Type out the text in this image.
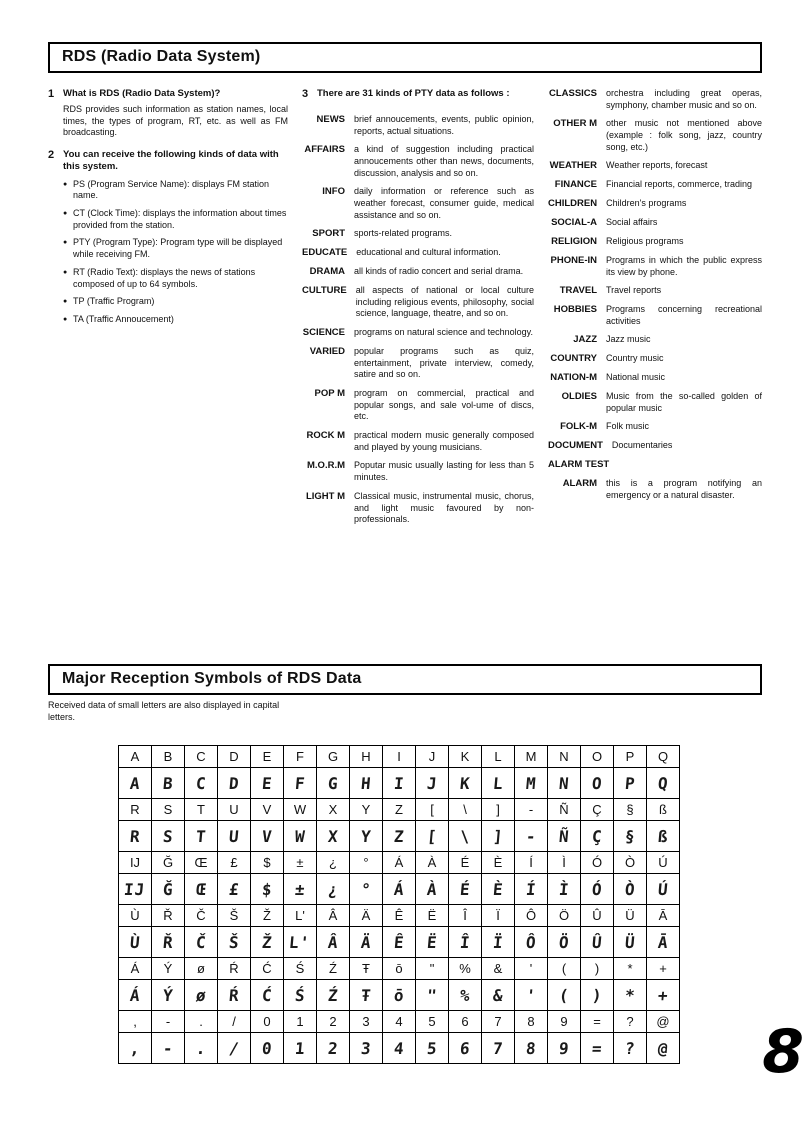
RDS (Radio Data System)
1 What is RDS (Radio Data System)?

RDS provides such information as station names, local times, the types of program, RT, etc. as well as FM broadcasting.

2 You can receive the following kinds of data with this system.

● PS (Program Service Name): displays FM station name.
● CT (Clock Time): displays the information about times provided from the station.
● PTY (Program Type): Program type will be displayed while receiving FM.
● RT (Radio Text): displays the news of stations composed of up to 64 symbols.
● TP (Traffic Program)
● TA (Traffic Annoucement)
3 There are 31 kinds of PTY data as follows :

NEWS	brief annoucements, events, public opinion, reports, actual situations.
AFFAIRS	a kind of suggestion including practical annoucements other than news, documents, discussion, analysis and so on.
INFO	daily information or reference such as weather forecast, consumer guide, medical assistance and so on.
SPORT	sports-related programs.
EDUCATE	educational and cultural information.
DRAMA	all kinds of radio concert and serial drama.
CULTURE	all aspects of national or local culture including religious events, philosophy, social science, language, theatre, and so on.
SCIENCE	programs on natural science and technology.
VARIED	popular programs such as quiz, entertainment, private interview, comedy, satire and so on.
POP M	program on commercial, practical and popular songs, and sale vol-ume of discs, etc.
ROCK M	practical modern music generally composed and played by young musicians.
M.O.R.M	Poputar music usually lasting for less than 5 minutes.
LIGHT M	Classical music, instrumental music, chorus, and light music favoured by non-professionals.
CLASSICS	orchestra including great operas, symphony, chamber music and so on.
OTHER M	other music not mentioned above (example : folk song, jazz, country song, etc.)
WEATHER	Weather reports, forecast
FINANCE	Financial reports, commerce, trading
CHILDREN	Children's programs
SOCIAL-A	Social affairs
RELIGION	Religious programs
PHONE-IN	Programs in which the public express its view by phone.
TRAVEL	Travel reports
HOBBIES	Programs concerning recreational activities
JAZZ	Jazz music
COUNTRY	Country music
NATION-M	National music
OLDIES	Music from the so-called golden of popular music
FOLK-M	Folk music
DOCUMENT	Documentaries
ALARM TEST
ALARM	this is a program notifying an emergency or a natural disaster.
Major Reception Symbols of RDS Data

Received data of small letters are also displayed in capital letters.

A	B	C	D	E	F	G	H	I	J	K	L	M	N	O	P	Q
A	B	C	D	E	F	G	H	I	J	K	L	M	N	O	P	Q
R	S	T	U	V	W	X	Y	Z	[	\	]	-	Ñ	Ç	§	ß
R	S	T	U	V	W	X	Y	Z	[	\	]	-	Ñ	Ç	§	ß
IJ	Ğ	Œ	£	$	±	¿	°	Á	À	É	È	Í	Ì	Ó	Ò	Ú
IJ	Ğ	Œ	£	$	±	¿	°	Á	À	É	È	Í	Ì	Ó	Ò	Ú
Ù	Ř	Č	Š	Ž	L'	Â	Ä	Ê	Ë	Î	Ï	Ô	Ö	Û	Ü	Ā
Ù	Ř	Č	Š	Ž	L'	Â	Ä	Ê	Ë	Î	Ï	Ô	Ö	Û	Ü	Ā
Á	Ý	ø	Ŕ	Ć	Ś	Ź	Ŧ	ō	"	%	&	'	(	)	*	+
Á	Ý	ø	Ŕ	Ć	Ś	Ź	Ŧ	ō	"	%	&	'	(	)	*	+
,	-	.	/	0	1	2	3	4	5	6	7	8	9	=	?	@
,	-	.	/	0	1	2	3	4	5	6	7	8	9	=	?	@ 8
